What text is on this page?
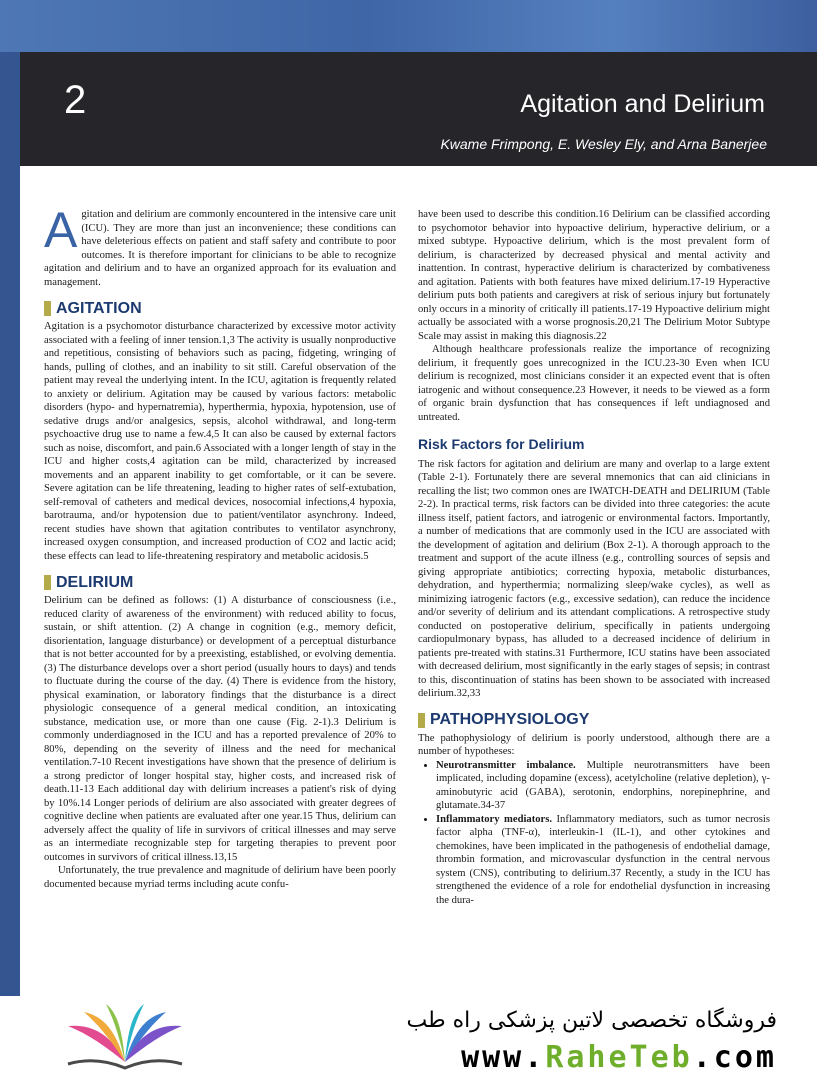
2	Agitation and Delirium
Kwame Frimpong, E. Wesley Ely, and Arna Banerjee

Agitation and delirium are commonly encountered in the intensive care unit (ICU). They are more than just an inconvenience; these conditions can have deleterious effects on patient and staff safety and contribute to poor outcomes. It is therefore important for clinicians to be able to recognize agitation and delirium and to have an organized approach for its evaluation and management.

AGITATION

Agitation is a psychomotor disturbance characterized by excessive motor activity associated with a feeling of inner tension.1,3 The activity is usually nonproductive and repetitious, consisting of behaviors such as pacing, fidgeting, wringing of hands, pulling of clothes, and an inability to sit still. Careful observation of the patient may reveal the underlying intent. In the ICU, agitation is frequently related to anxiety or delirium. Agitation may be caused by various factors: metabolic disorders (hypo- and hypernatremia), hyperthermia, hypoxia, hypotension, use of sedative drugs and/or analgesics, sepsis, alcohol withdrawal, and long-term psychoactive drug use to name a few.4,5 It can also be caused by external factors such as noise, discomfort, and pain.6 Associated with a longer length of stay in the ICU and higher costs,4 agitation can be mild, characterized by increased movements and an apparent inability to get comfortable, or it can be severe. Severe agitation can be life threatening, leading to higher rates of self-extubation, self-removal of catheters and medical devices, nosocomial infections,4 hypoxia, barotrauma, and/or hypotension due to patient/ventilator asynchrony. Indeed, recent studies have shown that agitation contributes to ventilator asynchrony, increased oxygen consumption, and increased production of CO2 and lactic acid; these effects can lead to life-threatening respiratory and metabolic acidosis.5

DELIRIUM

Delirium can be defined as follows: (1) A disturbance of consciousness (i.e., reduced clarity of awareness of the environment) with reduced ability to focus, sustain, or shift attention. (2) A change in cognition (e.g., memory deficit, disorientation, language disturbance) or development of a perceptual disturbance that is not better accounted for by a preexisting, established, or evolving dementia. (3) The disturbance develops over a short period (usually hours to days) and tends to fluctuate during the course of the day. (4) There is evidence from the history, physical examination, or laboratory findings that the disturbance is a direct physiologic consequence of a general medical condition, an intoxicating substance, medication use, or more than one cause (Fig. 2-1).3 Delirium is commonly underdiagnosed in the ICU and has a reported prevalence of 20% to 80%, depending on the severity of illness and the need for mechanical ventilation.7-10 Recent investigations have shown that the presence of delirium is a strong predictor of longer hospital stay, higher costs, and increased risk of death.11-13 Each additional day with delirium increases a patient's risk of dying by 10%.14 Longer periods of delirium are also associated with greater degrees of cognitive decline when patients are evaluated after one year.15 Thus, delirium can adversely affect the quality of life in survivors of critical illnesses and may serve as an intermediate recognizable step for targeting therapies to prevent poor outcomes in survivors of critical illness.13,15

Unfortunately, the true prevalence and magnitude of delirium have been poorly documented because myriad terms including acute confu-

have been used to describe this condition.16 Delirium can be classified according to psychomotor behavior into hypoactive delirium, hyperactive delirium, or a mixed subtype. Hypoactive delirium, which is the most prevalent form of delirium, is characterized by decreased physical and mental activity and inattention. In contrast, hyperactive delirium is characterized by combativeness and agitation. Patients with both features have mixed delirium.17-19 Hyperactive delirium puts both patients and caregivers at risk of serious injury but fortunately only occurs in a minority of critically ill patients.17-19 Hypoactive delirium might actually be associated with a worse prognosis.20,21 The Delirium Motor Subtype Scale may assist in making this diagnosis.22

Although healthcare professionals realize the importance of recognizing delirium, it frequently goes unrecognized in the ICU.23-30 Even when ICU delirium is recognized, most clinicians consider it an expected event that is often iatrogenic and without consequence.23 However, it needs to be viewed as a form of organic brain dysfunction that has consequences if left undiagnosed and untreated.

Risk Factors for Delirium

The risk factors for agitation and delirium are many and overlap to a large extent (Table 2-1). Fortunately there are several mnemonics that can aid clinicians in recalling the list; two common ones are IWATCH-DEATH and DELIRIUM (Table 2-2). In practical terms, risk factors can be divided into three categories: the acute illness itself, patient factors, and iatrogenic or environmental factors. Importantly, a number of medications that are commonly used in the ICU are associated with the development of agitation and delirium (Box 2-1). A thorough approach to the treatment and support of the acute illness (e.g., controlling sources of sepsis and giving appropriate antibiotics; correcting hypoxia, metabolic disturbances, dehydration, and hyperthermia; normalizing sleep/wake cycles), as well as minimizing iatrogenic factors (e.g., excessive sedation), can reduce the incidence and/or severity of delirium and its attendant complications. A retrospective study conducted on postoperative delirium, specifically in patients undergoing cardiopulmonary bypass, has alluded to a decreased incidence of delirium in patients pre-treated with statins.31 Furthermore, ICU statins have been associated with decreased delirium, most significantly in the early stages of sepsis; in contrast to this, discontinuation of statins has been shown to be associated with increased delirium.32,33

PATHOPHYSIOLOGY

The pathophysiology of delirium is poorly understood, although there are a number of hypotheses:

• Neurotransmitter imbalance. Multiple neurotransmitters have been implicated, including dopamine (excess), acetylcholine (relative depletion), γ-aminobutyric acid (GABA), serotonin, endorphins, norepinephrine, and glutamate.34-37
• Inflammatory mediators. Inflammatory mediators, such as tumor necrosis factor alpha (TNF-α), interleukin-1 (IL-1), and other cytokines and chemokines, have been implicated in the pathogenesis of endothelial damage, thrombin formation, and microvascular dysfunction in the central nervous system (CNS), contributing to delirium.37 Recently, a study in the ICU has strengthened the evidence of a role for endothelial dysfunction in increasing the dura-
فروشگاه تخصصی لاتین پزشکی راه طب
www.RaheTeb.com
